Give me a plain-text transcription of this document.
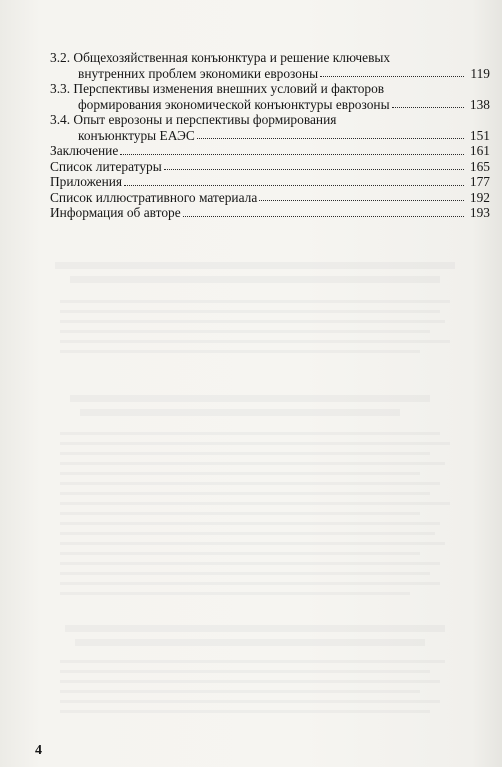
3.2. Общехозяйственная конъюнктура и решение ключевых
внутренних проблем экономики еврозоны	119
3.3. Перспективы изменения внешних условий и факторов
формирования экономической конъюнктуры еврозоны	138
3.4. Опыт еврозоны и перспективы формирования
конъюнктуры ЕАЭС	151
Заключение	161
Список литературы	165
Приложения	177
Список иллюстративного материала	192
Информация об авторе	193
4
